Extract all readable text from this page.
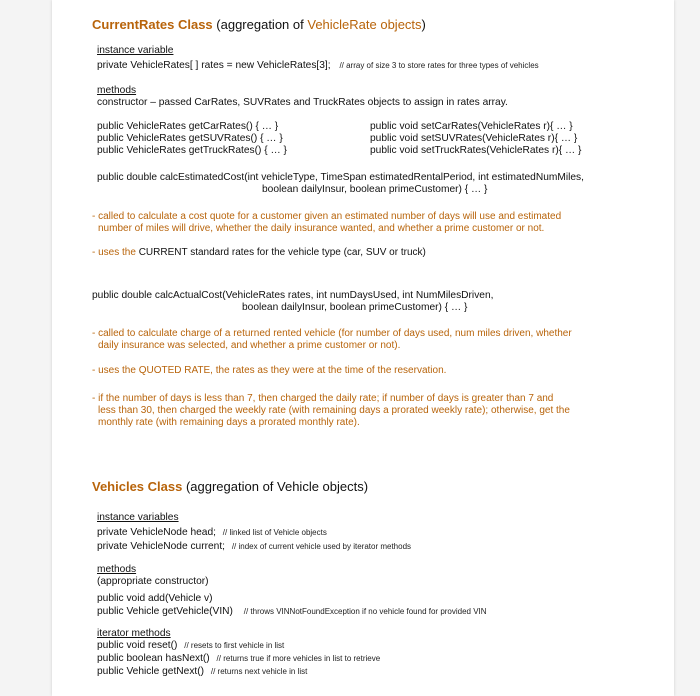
CurrentRates Class (aggregation of VehicleRate objects)
instance variable
private VehicleRates[ ] rates = new VehicleRates[3]; // array of size 3 to store rates for three types of vehicles
methods
constructor – passed CarRates, SUVRates and TruckRates objects to assign in rates array.
public VehicleRates getCarRates() { … }
public VehicleRates getSUVRates() { … }
public VehicleRates getTruckRates() { … }
public void setCarRates(VehicleRates r){ … }
public void setSUVRates(VehicleRates r){ … }
public void setTruckRates(VehicleRates r){ … }
public double calcEstimatedCost(int vehicleType, TimeSpan estimatedRentalPeriod, int estimatedNumMiles,
boolean dailyInsur, boolean primeCustomer) { … }
- called to calculate a cost quote for a customer given an estimated number of days will use and estimated
number of miles will drive, whether the daily insurance wanted, and whether a prime customer or not.
- uses the CURRENT standard rates for the vehicle type (car, SUV or truck)
public double calcActualCost(VehicleRates rates, int numDaysUsed, int NumMilesDriven,
boolean dailyInsur, boolean primeCustomer) { … }
- called to calculate charge of a returned rented vehicle (for number of days used, num miles driven, whether
daily insurance was selected, and whether a prime customer or not).
- uses the QUOTED RATE, the rates as they were at the time of the reservation.
- if the number of days is less than 7, then charged the daily rate; if number of days is greater than 7 and
less than 30, then charged the weekly rate (with remaining days a prorated weekly rate); otherwise, get the
monthly rate (with remaining days a prorated monthly rate).
Vehicles Class (aggregation of Vehicle objects)
instance variables
private VehicleNode head; // linked list of Vehicle objects
private VehicleNode current; // index of current vehicle used by iterator methods
methods
(appropriate constructor)
public void add(Vehicle v)
public Vehicle getVehicle(VIN) // throws VINNotFoundException if no vehicle found for provided VIN
iterator methods
public void reset() // resets to first vehicle in list
public boolean hasNext() // returns true if more vehicles in list to retrieve
public Vehicle getNext() // returns next vehicle in list
